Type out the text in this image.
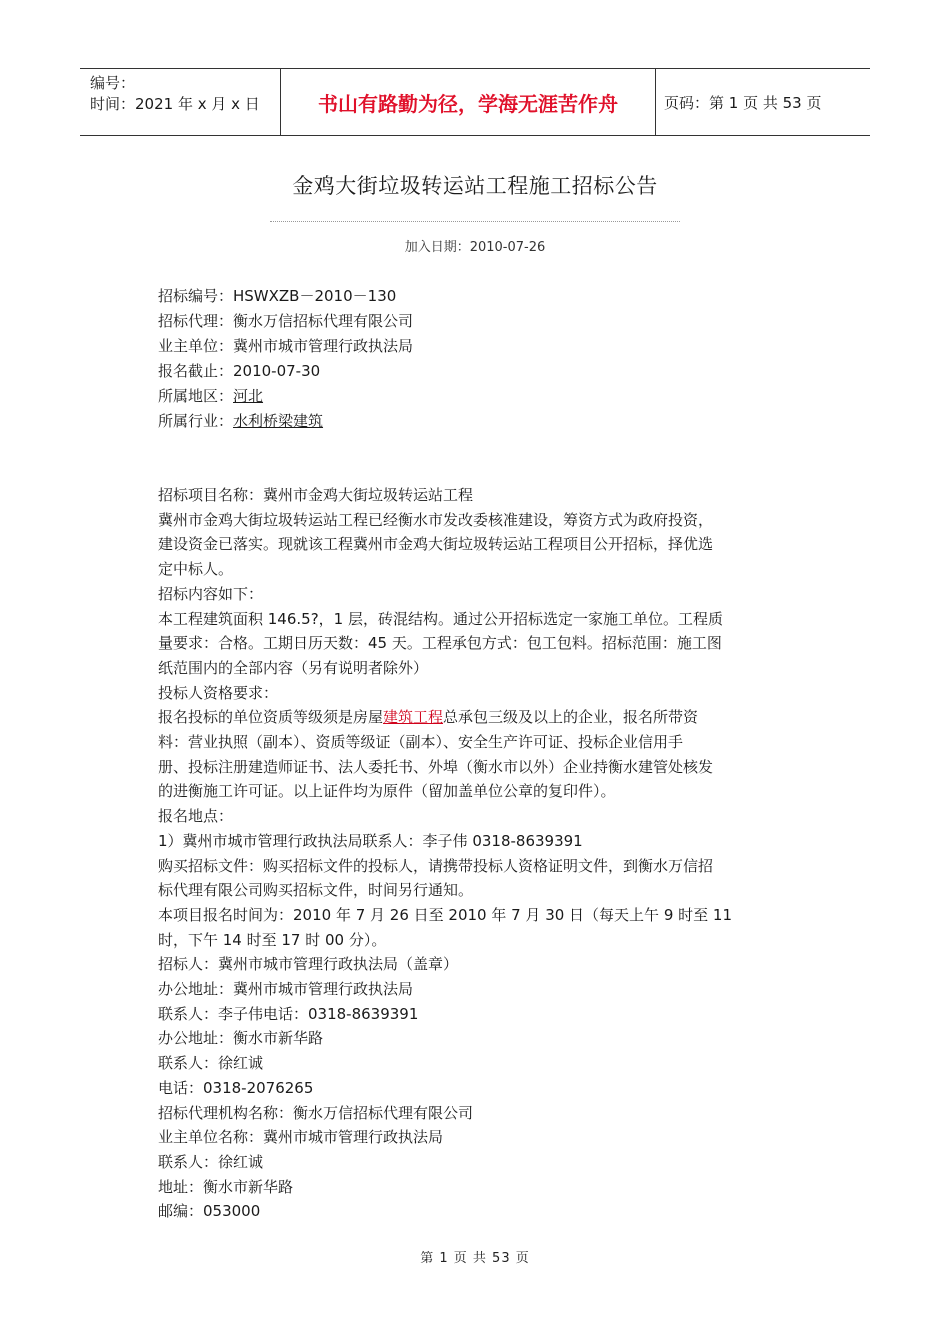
编号：
时间：2021 年 x 月 x 日	书山有路勤为径，学海无涯苦作舟	页码：第 1 页 共 53 页
金鸡大街垃圾转运站工程施工招标公告
加入日期：2010-07-26
招标编号：HSWXZB－2010－130
招标代理：衡水万信招标代理有限公司
业主单位：冀州市城市管理行政执法局
报名截止：2010-07-30
所属地区：河北
所属行业：水利桥梁建筑
招标项目名称：冀州市金鸡大街垃圾转运站工程
冀州市金鸡大街垃圾转运站工程已经衡水市发改委核准建设，筹资方式为政府投资，
建设资金已落实。现就该工程冀州市金鸡大街垃圾转运站工程项目公开招标，择优选
定中标人。
招标内容如下：
本工程建筑面积 146.5?，1 层，砖混结构。通过公开招标选定一家施工单位。工程质
量要求：合格。工期日历天数：45 天。工程承包方式：包工包料。招标范围：施工图
纸范围内的全部内容（另有说明者除外）
投标人资格要求：
报名投标的单位资质等级须是房屋建筑工程总承包三级及以上的企业，报名所带资
料：营业执照（副本）、资质等级证（副本）、安全生产许可证、投标企业信用手
册、投标注册建造师证书、法人委托书、外埠（衡水市以外）企业持衡水建管处核发
的进衡施工许可证。以上证件均为原件（留加盖单位公章的复印件）。
报名地点：
1）冀州市城市管理行政执法局联系人：李子伟 0318-8639391
购买招标文件：购买招标文件的投标人，请携带投标人资格证明文件，到衡水万信招
标代理有限公司购买招标文件，时间另行通知。
本项目报名时间为：2010 年 7 月 26 日至 2010 年 7 月 30 日（每天上午 9 时至 11
时，下午 14 时至 17 时 00 分）。
招标人：冀州市城市管理行政执法局（盖章）
办公地址：冀州市城市管理行政执法局
联系人：李子伟电话：0318-8639391
办公地址：衡水市新华路
联系人：徐红诚
电话：0318-2076265
招标代理机构名称：衡水万信招标代理有限公司
业主单位名称：冀州市城市管理行政执法局
联系人：徐红诚
地址：衡水市新华路
邮编：053000
第 1 页 共 53 页
